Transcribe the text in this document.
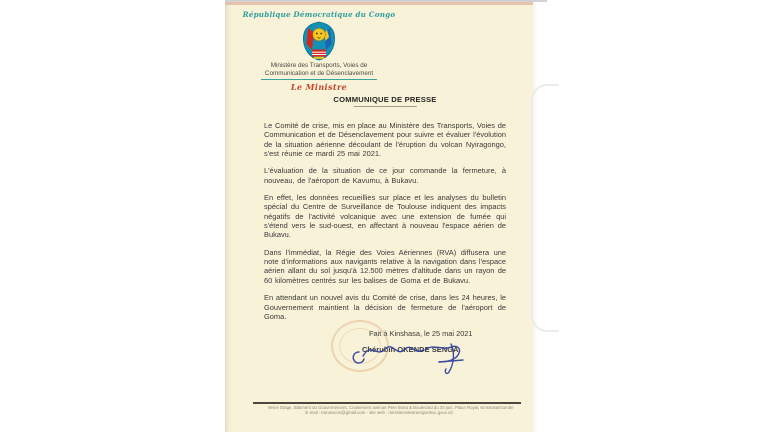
République Démocratique du Congo
Ministère des Transports, Voies de
Communication et de Désenclavement
Le Ministre
COMMUNIQUE DE PRESSE
------------------------------------------

Le Comité de crise, mis en place au Ministère des Transports, Voies de Communication et de Désenclavement pour suivre et évaluer l'évolution de la situation aérienne découlant de l'éruption du volcan Nyiragongo, s'est réunie ce mardi 25 mai 2021.

L'évaluation de la situation de ce jour commande la fermeture, à nouveau, de l'aéroport de Kavumu, à Bukavu.

En effet, les données recueillies sur place et les analyses du bulletin spécial du Centre de Surveillance de Toulouse indiquent des impacts négatifs de l'activité volcanique avec une extension de fumée qui s'étend vers le sud-ouest, en affectant à nouveau l'espace aérien de Bukavu.

Dans l'immédiat, la Régie des Voies Aériennes (RVA) diffusera une note d'informations aux navigants relative à la navigation dans l'espace aérien allant du sol jusqu'à 12.500 mètres d'altitude dans un rayon de 60 kilomètres centrés sur les balises de Goma et de Bukavu.

En attendant un nouvel avis du Comité de crise, dans les 24 heures, le Gouvernement maintient la décision de fermeture de l'aéroport de Goma.

Fait à Kinshasa, le 25 mai 2021
Chérubin OKENDE SENGA
9ème Etage, Bâtiment du Gouvernement, Croisement avenue Père Boka & Boulevard du 30 juin, Place Royal, Kinshasa/Gombe
E-mail : transvcom@gmail.com - site web : ministeredestransportsvc.gouv.cd
